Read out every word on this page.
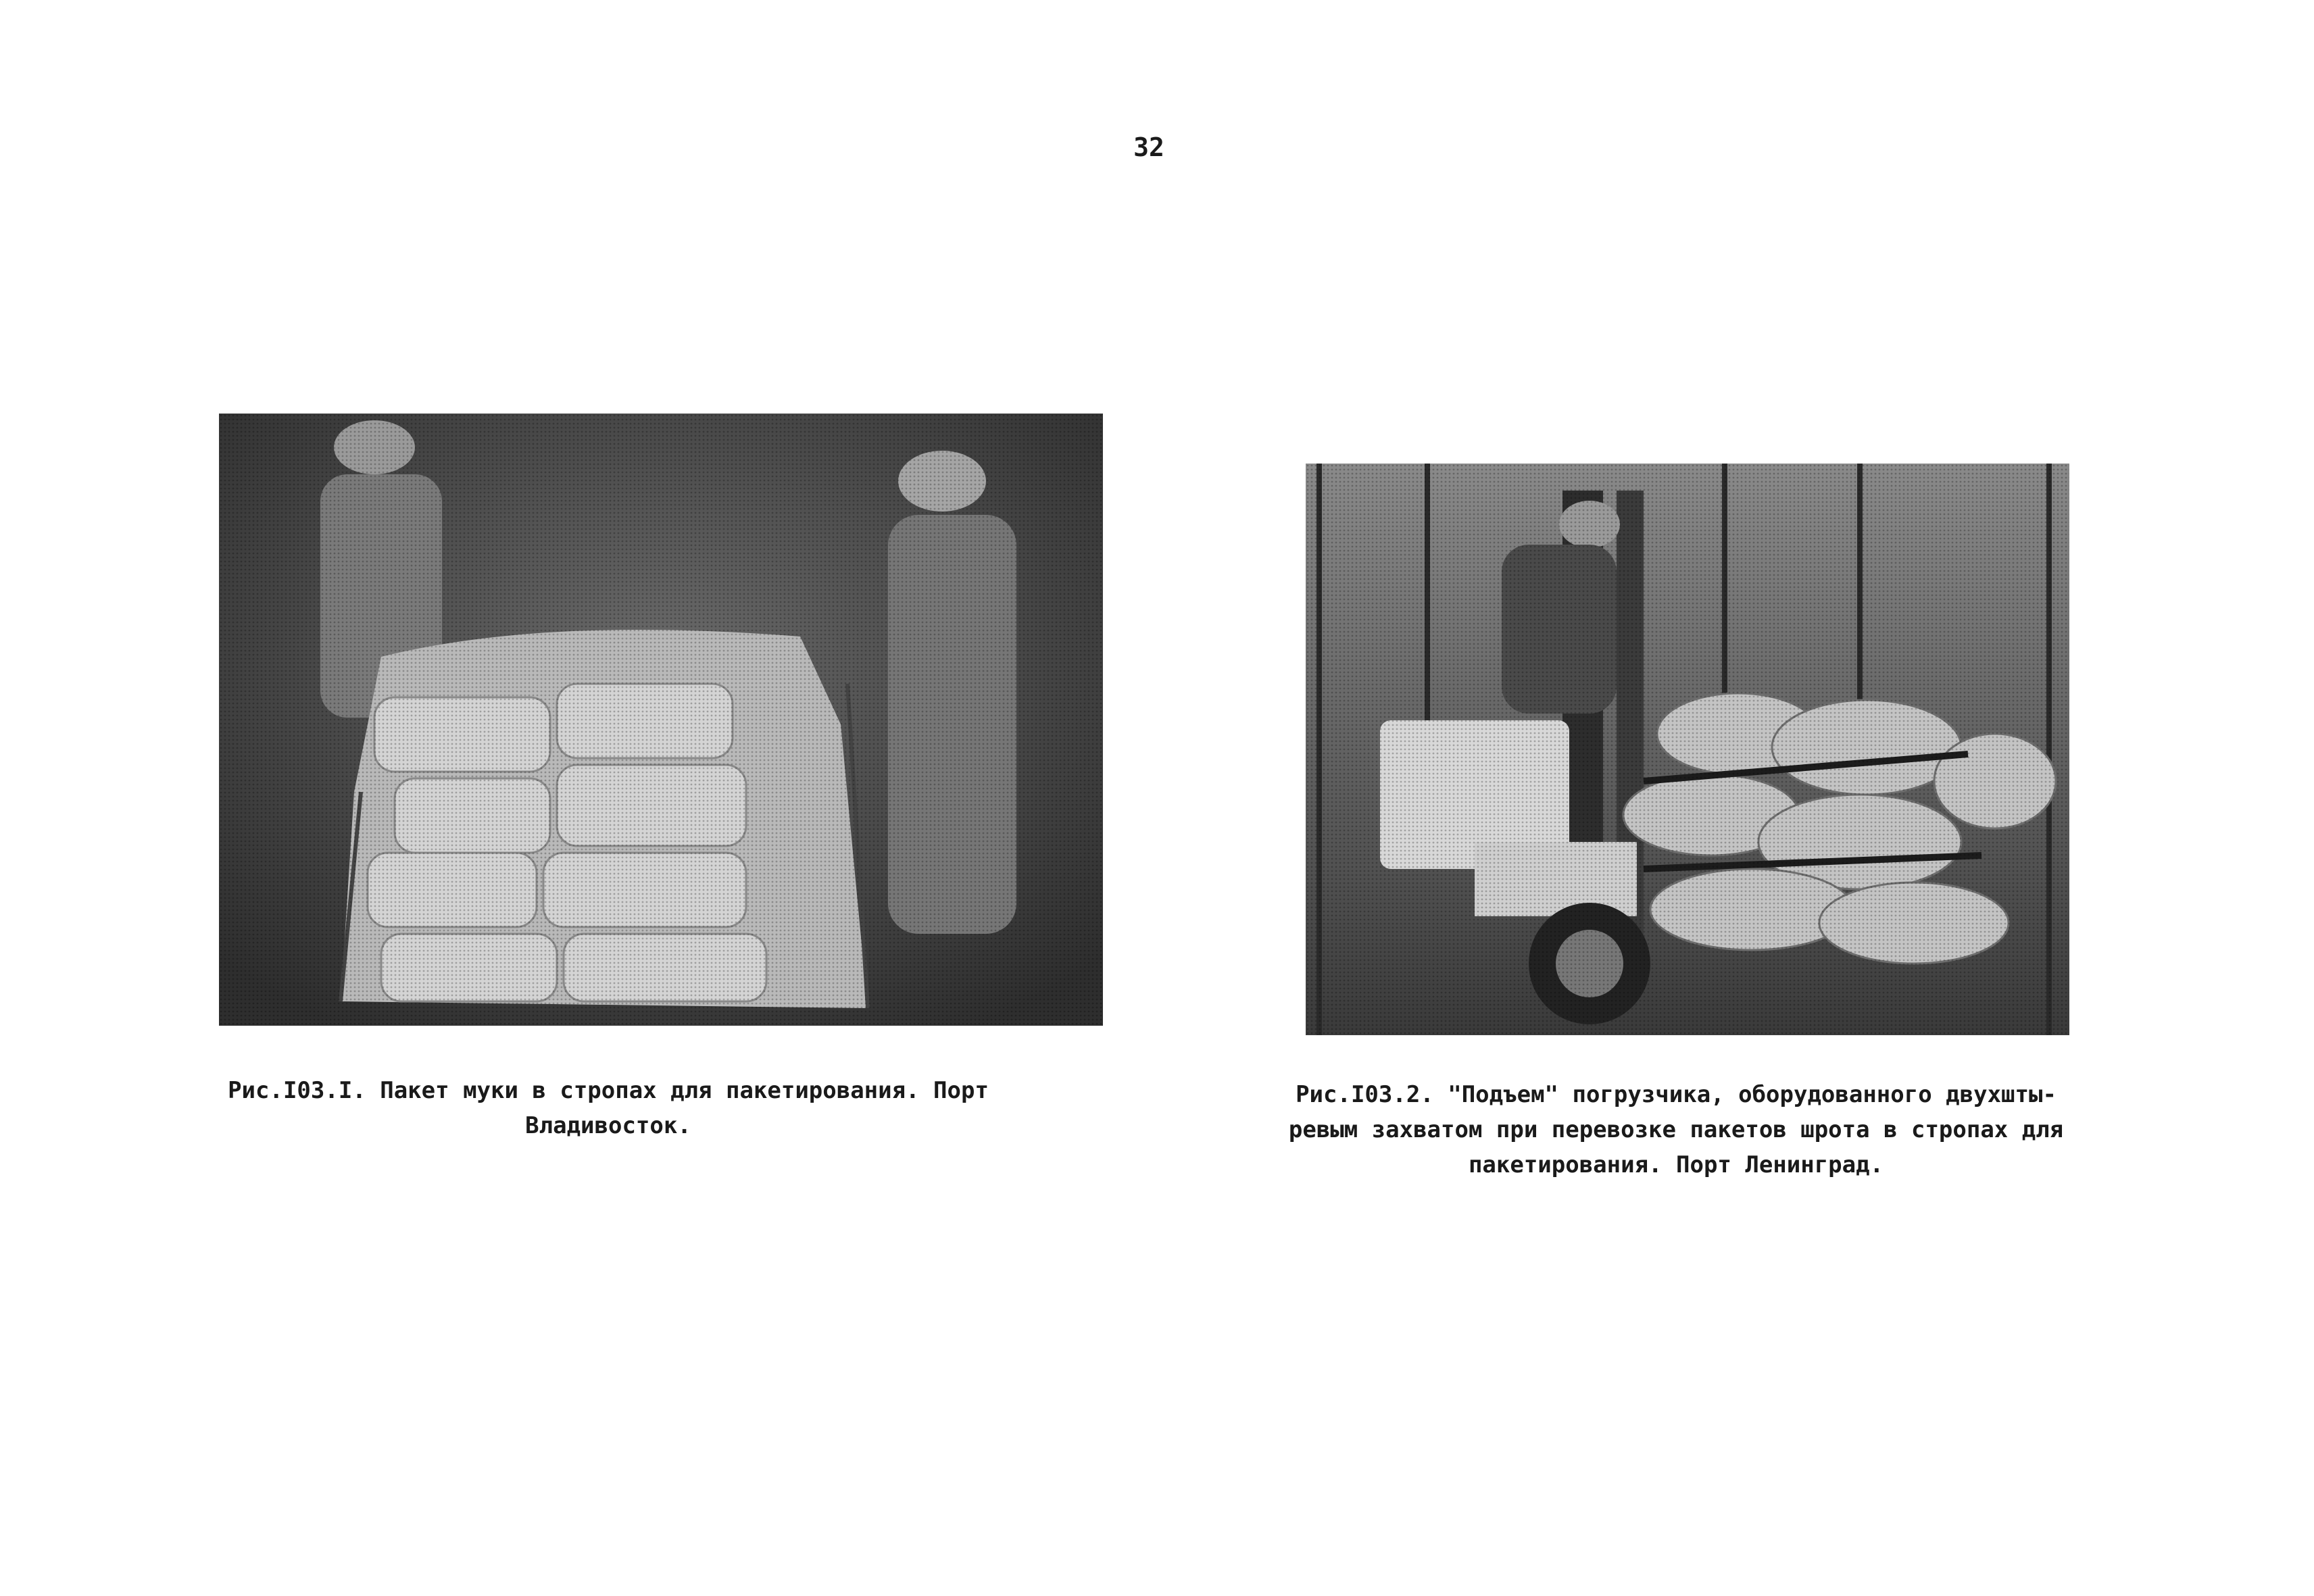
32
Рис.I03.I. Пакет муки в стропах для пакетирования. Порт
Владивосток.
Рис.I03.2. "Подъем" погрузчика, оборудованного двухшты-
ревым захватом при перевозке пакетов шрота в стропах для
пакетирования. Порт Ленинград.
